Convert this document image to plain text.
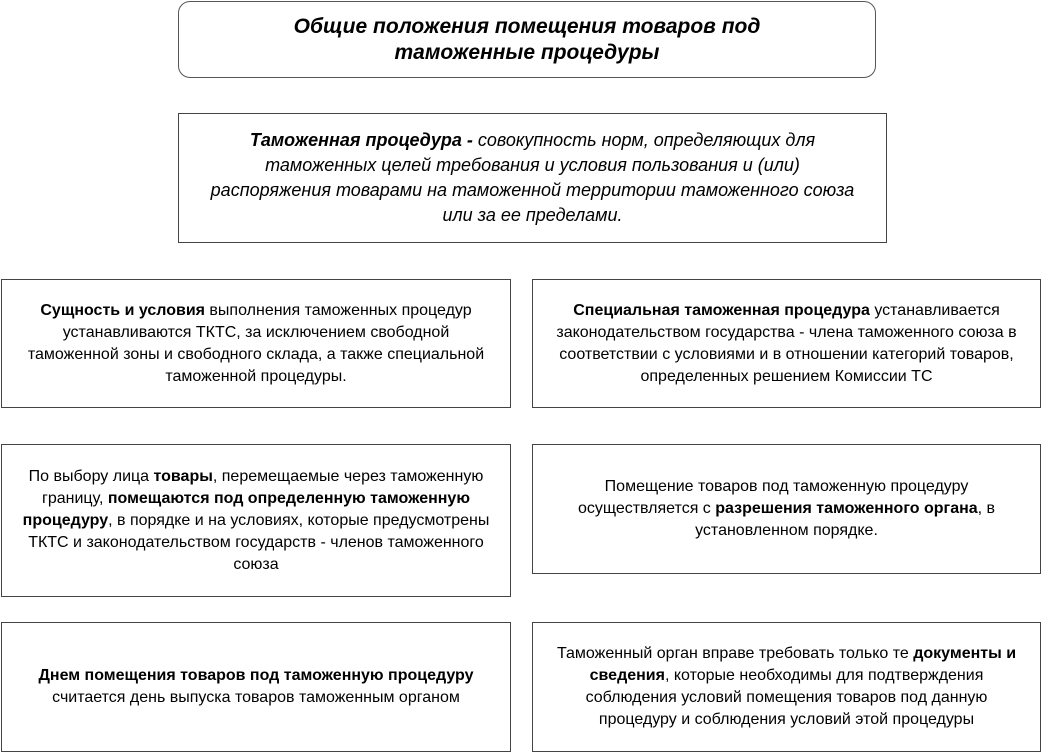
Общие положения помещения товаров под
таможенные процедуры
Таможенная процедура - совокупность норм, определяющих для таможенных целей требования и условия пользования и (или) распоряжения товарами на таможенной территории таможенного союза или за ее пределами.
Сущность и условия выполнения таможенных процедур устанавливаются ТКТС, за исключением свободной таможенной зоны и свободного склада, а также специальной таможенной процедуры.
Специальная таможенная процедура устанавливается законодательством государства - члена таможенного союза в соответствии с условиями и в отношении категорий товаров, определенных решением Комиссии ТС
По выбору лица товары, перемещаемые через таможенную границу, помещаются под определенную таможенную процедуру, в порядке и на условиях, которые предусмотрены ТКТС и законодательством государств - членов таможенного союза
Помещение товаров под таможенную процедуру осуществляется с разрешения таможенного органа, в установленном порядке.
Днем помещения товаров под таможенную процедуру считается день выпуска товаров таможенным органом
Таможенный орган вправе требовать только те документы и сведения, которые необходимы для подтверждения соблюдения условий помещения товаров под данную процедуру и соблюдения условий этой процедуры
